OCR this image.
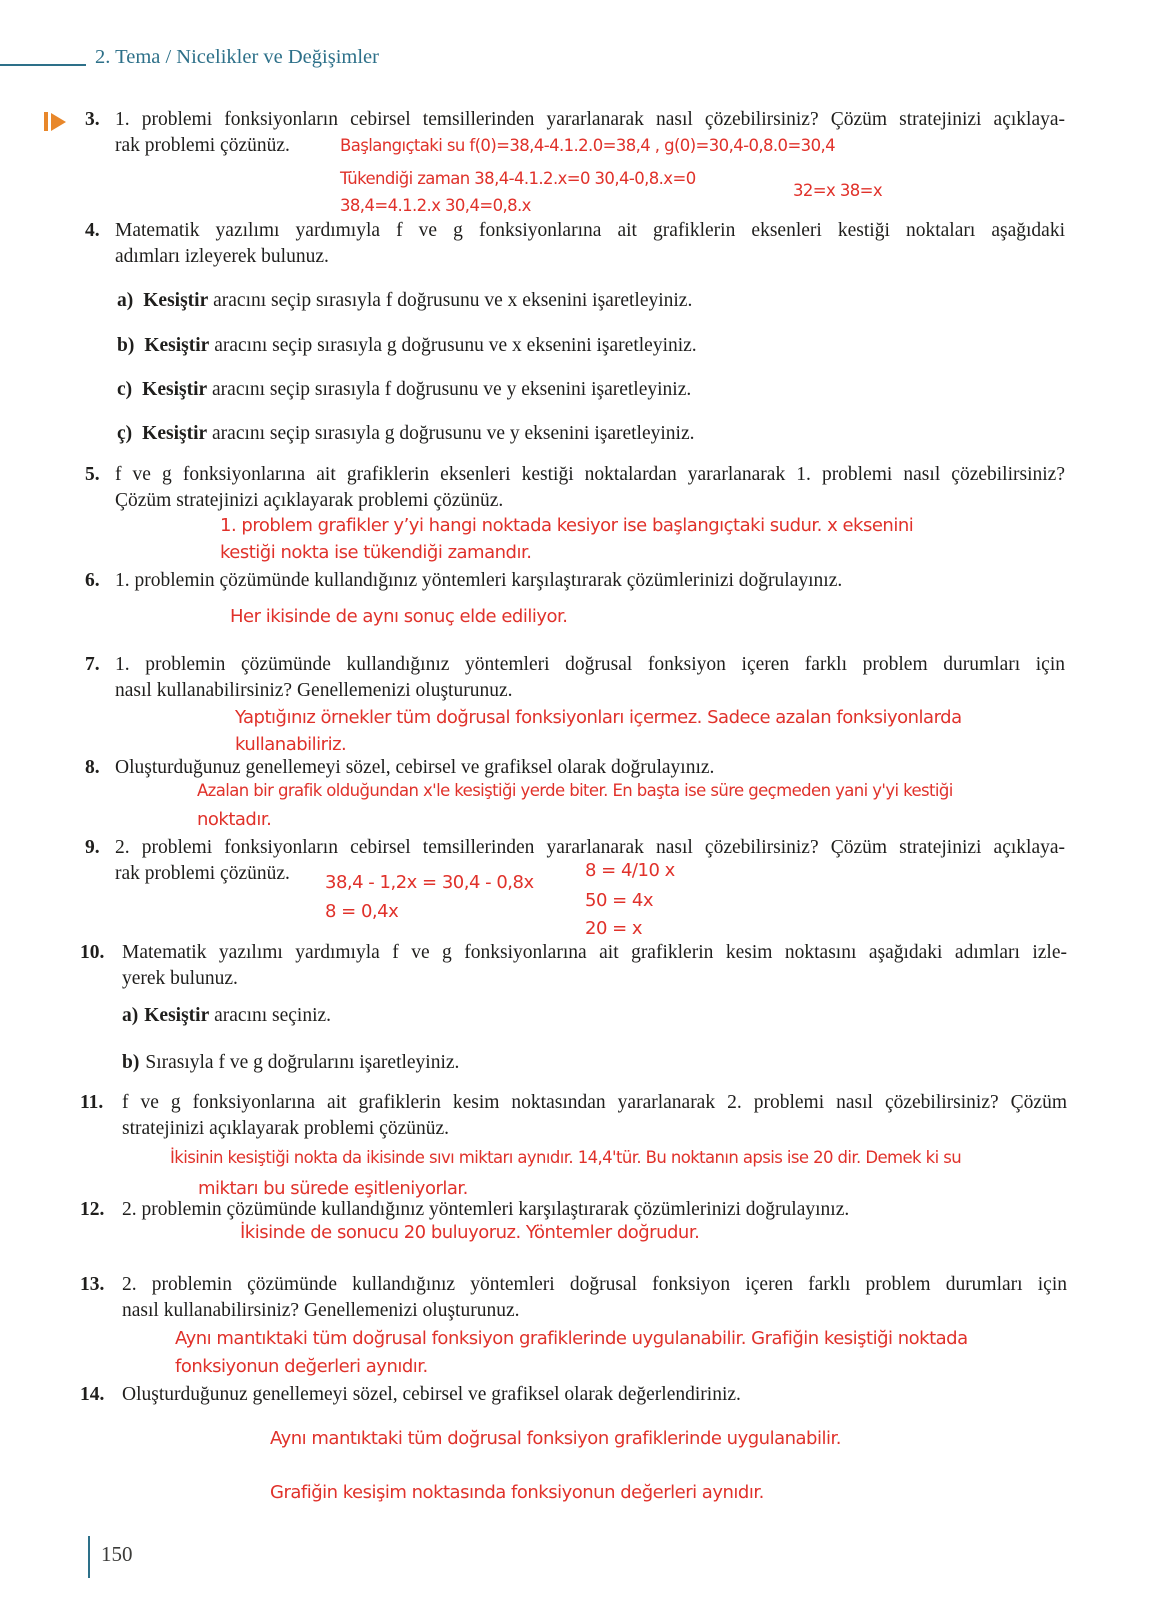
2. Tema / Nicelikler ve Değişimler
3. 1. problemi fonksiyonların cebirsel temsillerinden yararlanarak nasıl çözebilirsiniz? Çözüm stratejinizi açıklaya-
rak problemi çözünüz.	Başlangıçtaki su f(0)=38,4-4.1.2.0=38,4 , g(0)=30,4-0,8.0=30,4
Tükendiği zaman 38,4-4.1.2.x=0 30,4-0,8.x=0
38,4=4.1.2.x 30,4=0,8.x
32=x 38=x
4. Matematik yazılımı yardımıyla f ve g fonksiyonlarına ait grafiklerin eksenleri kestiği noktaları aşağıdaki
adımları izleyerek bulunuz.
a) Kesiştir aracını seçip sırasıyla f doğrusunu ve x eksenini işaretleyiniz.
b) Kesiştir aracını seçip sırasıyla g doğrusunu ve x eksenini işaretleyiniz.
c) Kesiştir aracını seçip sırasıyla f doğrusunu ve y eksenini işaretleyiniz.
ç) Kesiştir aracını seçip sırasıyla g doğrusunu ve y eksenini işaretleyiniz.
5. f ve g fonksiyonlarına ait grafiklerin eksenleri kestiği noktalardan yararlanarak 1. problemi nasıl çözebilirsiniz?
Çözüm stratejinizi açıklayarak problemi çözünüz.
1. problem grafikler y’yi hangi noktada kesiyor ise başlangıçtaki sudur. x eksenini
kestiği nokta ise tükendiği zamandır.
6. 1. problemin çözümünde kullandığınız yöntemleri karşılaştırarak çözümlerinizi doğrulayınız.
Her ikisinde de aynı sonuç elde ediliyor.
7. 1. problemin çözümünde kullandığınız yöntemleri doğrusal fonksiyon içeren farklı problem durumları için
nasıl kullanabilirsiniz? Genellemenizi oluşturunuz.
Yaptığınız örnekler tüm doğrusal fonksiyonları içermez. Sadece azalan fonksiyonlarda
kullanabiliriz.
8. Oluşturduğunuz genellemeyi sözel, cebirsel ve grafiksel olarak doğrulayınız.
Azalan bir grafik olduğundan x'le kesiştiği yerde biter. En başta ise süre geçmeden yani y'yi kestiği
noktadır.
9. 2. problemi fonksiyonların cebirsel temsillerinden yararlanarak nasıl çözebilirsiniz? Çözüm stratejinizi açıklaya-
rak problemi çözünüz. 38,4 - 1,2x = 30,4 - 0,8x
8 = 0,4x
8 = 4/10 x
50 = 4x
20 = x
10. Matematik yazılımı yardımıyla f ve g fonksiyonlarına ait grafiklerin kesim noktasını aşağıdaki adımları izle-
yerek bulunuz.
a) Kesiştir aracını seçiniz.
b) Sırasıyla f ve g doğrularını işaretleyiniz.
11. f ve g fonksiyonlarına ait grafiklerin kesim noktasından yararlanarak 2. problemi nasıl çözebilirsiniz? Çözüm
stratejinizi açıklayarak problemi çözünüz.
İkisinin kesiştiği nokta da ikisinde sıvı miktarı aynıdır. 14,4'tür. Bu noktanın apsis ise 20 dir. Demek ki su
miktarı bu sürede eşitleniyorlar.
12. 2. problemin çözümünde kullandığınız yöntemleri karşılaştırarak çözümlerinizi doğrulayınız.
İkisinde de sonucu 20 buluyoruz. Yöntemler doğrudur.
13. 2. problemin çözümünde kullandığınız yöntemleri doğrusal fonksiyon içeren farklı problem durumları için
nasıl kullanabilirsiniz? Genellemenizi oluşturunuz.
Aynı mantıktaki tüm doğrusal fonksiyon grafiklerinde uygulanabilir. Grafiğin kesiştiği noktada
fonksiyonun değerleri aynıdır.
14. Oluşturduğunuz genellemeyi sözel, cebirsel ve grafiksel olarak değerlendiriniz.
Aynı mantıktaki tüm doğrusal fonksiyon grafiklerinde uygulanabilir.
Grafiğin kesişim noktasında fonksiyonun değerleri aynıdır.
150
